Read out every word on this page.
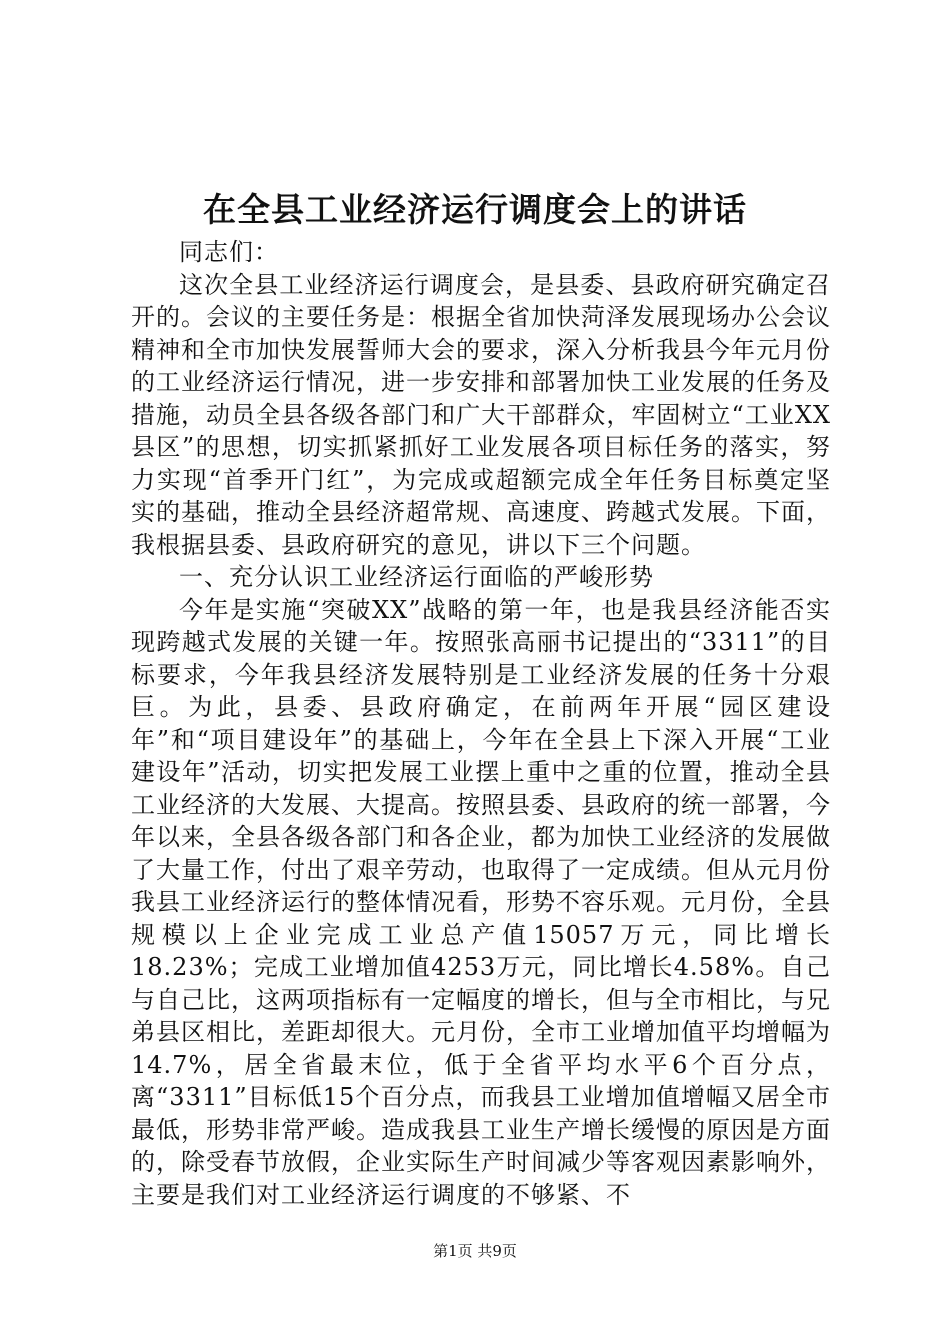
在全县工业经济运行调度会上的讲话

同志们：

这次全县工业经济运行调度会，是县委、县政府研究确定召开的。会议的主要任务是：根据全省加快菏泽发展现场办公会议精神和全市加快发展誓师大会的要求，深入分析我县今年元月份的工业经济运行情况，进一步安排和部署加快工业发展的任务及措施，动员全县各级各部门和广大干部群众，牢固树立“工业XX县区”的思想，切实抓紧抓好工业发展各项目标任务的落实，努力实现“首季开门红”，为完成或超额完成全年任务目标奠定坚实的基础，推动全县经济超常规、高速度、跨越式发展。下面，我根据县委、县政府研究的意见，讲以下三个问题。

一、充分认识工业经济运行面临的严峻形势

今年是实施“突破XX”战略的第一年，也是我县经济能否实现跨越式发展的关键一年。按照张高丽书记提出的“3311”的目标要求，今年我县经济发展特别是工业经济发展的任务十分艰巨。为此，县委、县政府确定，在前两年开展“园区建设年”和“项目建设年”的基础上，今年在全县上下深入开展“工业建设年”活动，切实把发展工业摆上重中之重的位置，推动全县工业经济的大发展、大提高。按照县委、县政府的统一部署，今年以来，全县各级各部门和各企业，都为加快工业经济的发展做了大量工作，付出了艰辛劳动，也取得了一定成绩。但从元月份我县工业经济运行的整体情况看，形势不容乐观。元月份，全县规模以上企业完成工业总产值15057万元，同比增长18.23%；完成工业增加值4253万元，同比增长4.58%。自己与自己比，这两项指标有一定幅度的增长，但与全市相比，与兄弟县区相比，差距却很大。元月份，全市工业增加值平均增幅为14.7%，居全省最末位，低于全省平均水平6个百分点，离“3311”目标低15个百分点，而我县工业增加值增幅又居全市最低，形势非常严峻。造成我县工业生产增长缓慢的原因是方面的，除受春节放假，企业实际生产时间减少等客观因素影响外，主要是我们对工业经济运行调度的不够紧、不

第1页 共9页
